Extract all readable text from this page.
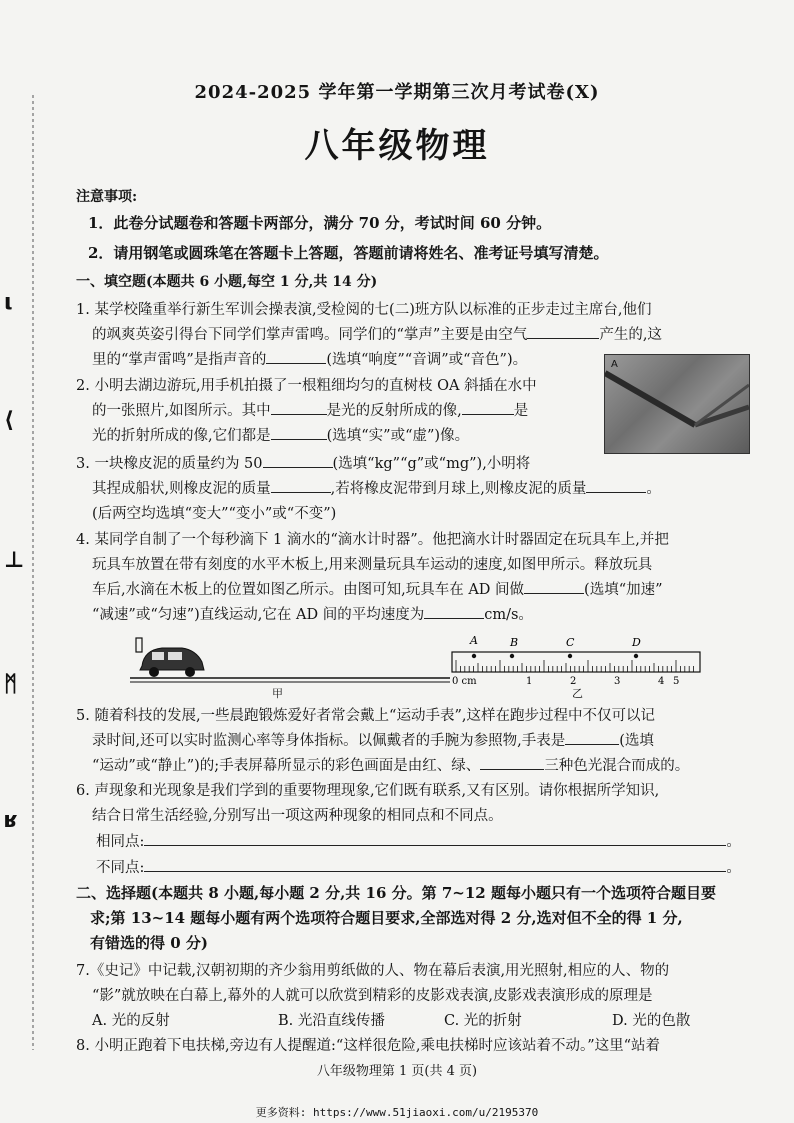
ι
⟨
⊥
ᛗ
ʁ
2024-2025 学年第一学期第三次月考试卷(X)
八年级物理
注意事项:
1．此卷分试题卷和答题卡两部分，满分 70 分，考试时间 60 分钟。
2．请用钢笔或圆珠笔在答题卡上答题，答题前请将姓名、准考证号填写清楚。
一、填空题(本题共 6 小题,每空 1 分,共 14 分)
1. 某学校隆重举行新生军训会操表演,受检阅的七(二)班方队以标准的正步走过主席台,他们
的飒爽英姿引得台下同学们掌声雷鸣。同学们的“掌声”主要是由空气	产生的,这
里的“掌声雷鸣”是指声音的	(选填“响度”“音调”或“音色”)。
2. 小明去湖边游玩,用手机拍摄了一根粗细均匀的直树枝 OA 斜插在水中
的一张照片,如图所示。其中	是光的反射所成的像,	是
光的折射所成的像,它们都是	(选填“实”或“虚”)像。
A
3. 一块橡皮泥的质量约为 50	(选填“kg”“g”或“mg”),小明将
其捏成船状,则橡皮泥的质量	,若将橡皮泥带到月球上,则橡皮泥的质量	。
(后两空均选填“变大”“变小”或“不变”)
4. 某同学自制了一个每秒滴下 1 滴水的“滴水计时器”。他把滴水计时器固定在玩具车上,并把
玩具车放置在带有刻度的水平木板上,用来测量玩具车运动的速度,如图甲所示。释放玩具
车后,水滴在木板上的位置如图乙所示。由图可知,玩具车在 AD 间做	(选填“加速”
“减速”或“匀速”)直线运动,它在 AD 间的平均速度为	cm/s。
甲
0 cm	1	2	3	4 5
A	B	C	D
乙
5. 随着科技的发展,一些晨跑锻炼爱好者常会戴上“运动手表”,这样在跑步过程中不仅可以记
录时间,还可以实时监测心率等身体指标。以佩戴者的手腕为参照物,手表是	(选填
“运动”或“静止”)的;手表屏幕所显示的彩色画面是由红、绿、	三种色光混合而成的。
6. 声现象和光现象是我们学到的重要物理现象,它们既有联系,又有区别。请你根据所学知识,
结合日常生活经验,分别写出一项这两种现象的相同点和不同点。
相同点:	。
不同点:	。
二、选择题(本题共 8 小题,每小题 2 分,共 16 分。第 7~12 题每小题只有一个选项符合题目要
求;第 13~14 题每小题有两个选项符合题目要求,全部选对得 2 分,选对但不全的得 1 分,
有错选的得 0 分)
7.《史记》中记载,汉朝初期的齐少翁用剪纸做的人、物在幕后表演,用光照射,相应的人、物的
“影”就放映在白幕上,幕外的人就可以欣赏到精彩的皮影戏表演,皮影戏表演形成的原理是
A. 光的反射	B. 光沿直线传播	C. 光的折射	D. 光的色散
8. 小明正跑着下电扶梯,旁边有人提醒道:“这样很危险,乘电扶梯时应该站着不动。”这里“站着
八年级物理第 1 页(共 4 页)
更多资料: https://www.51jiaoxi.com/u/2195370
